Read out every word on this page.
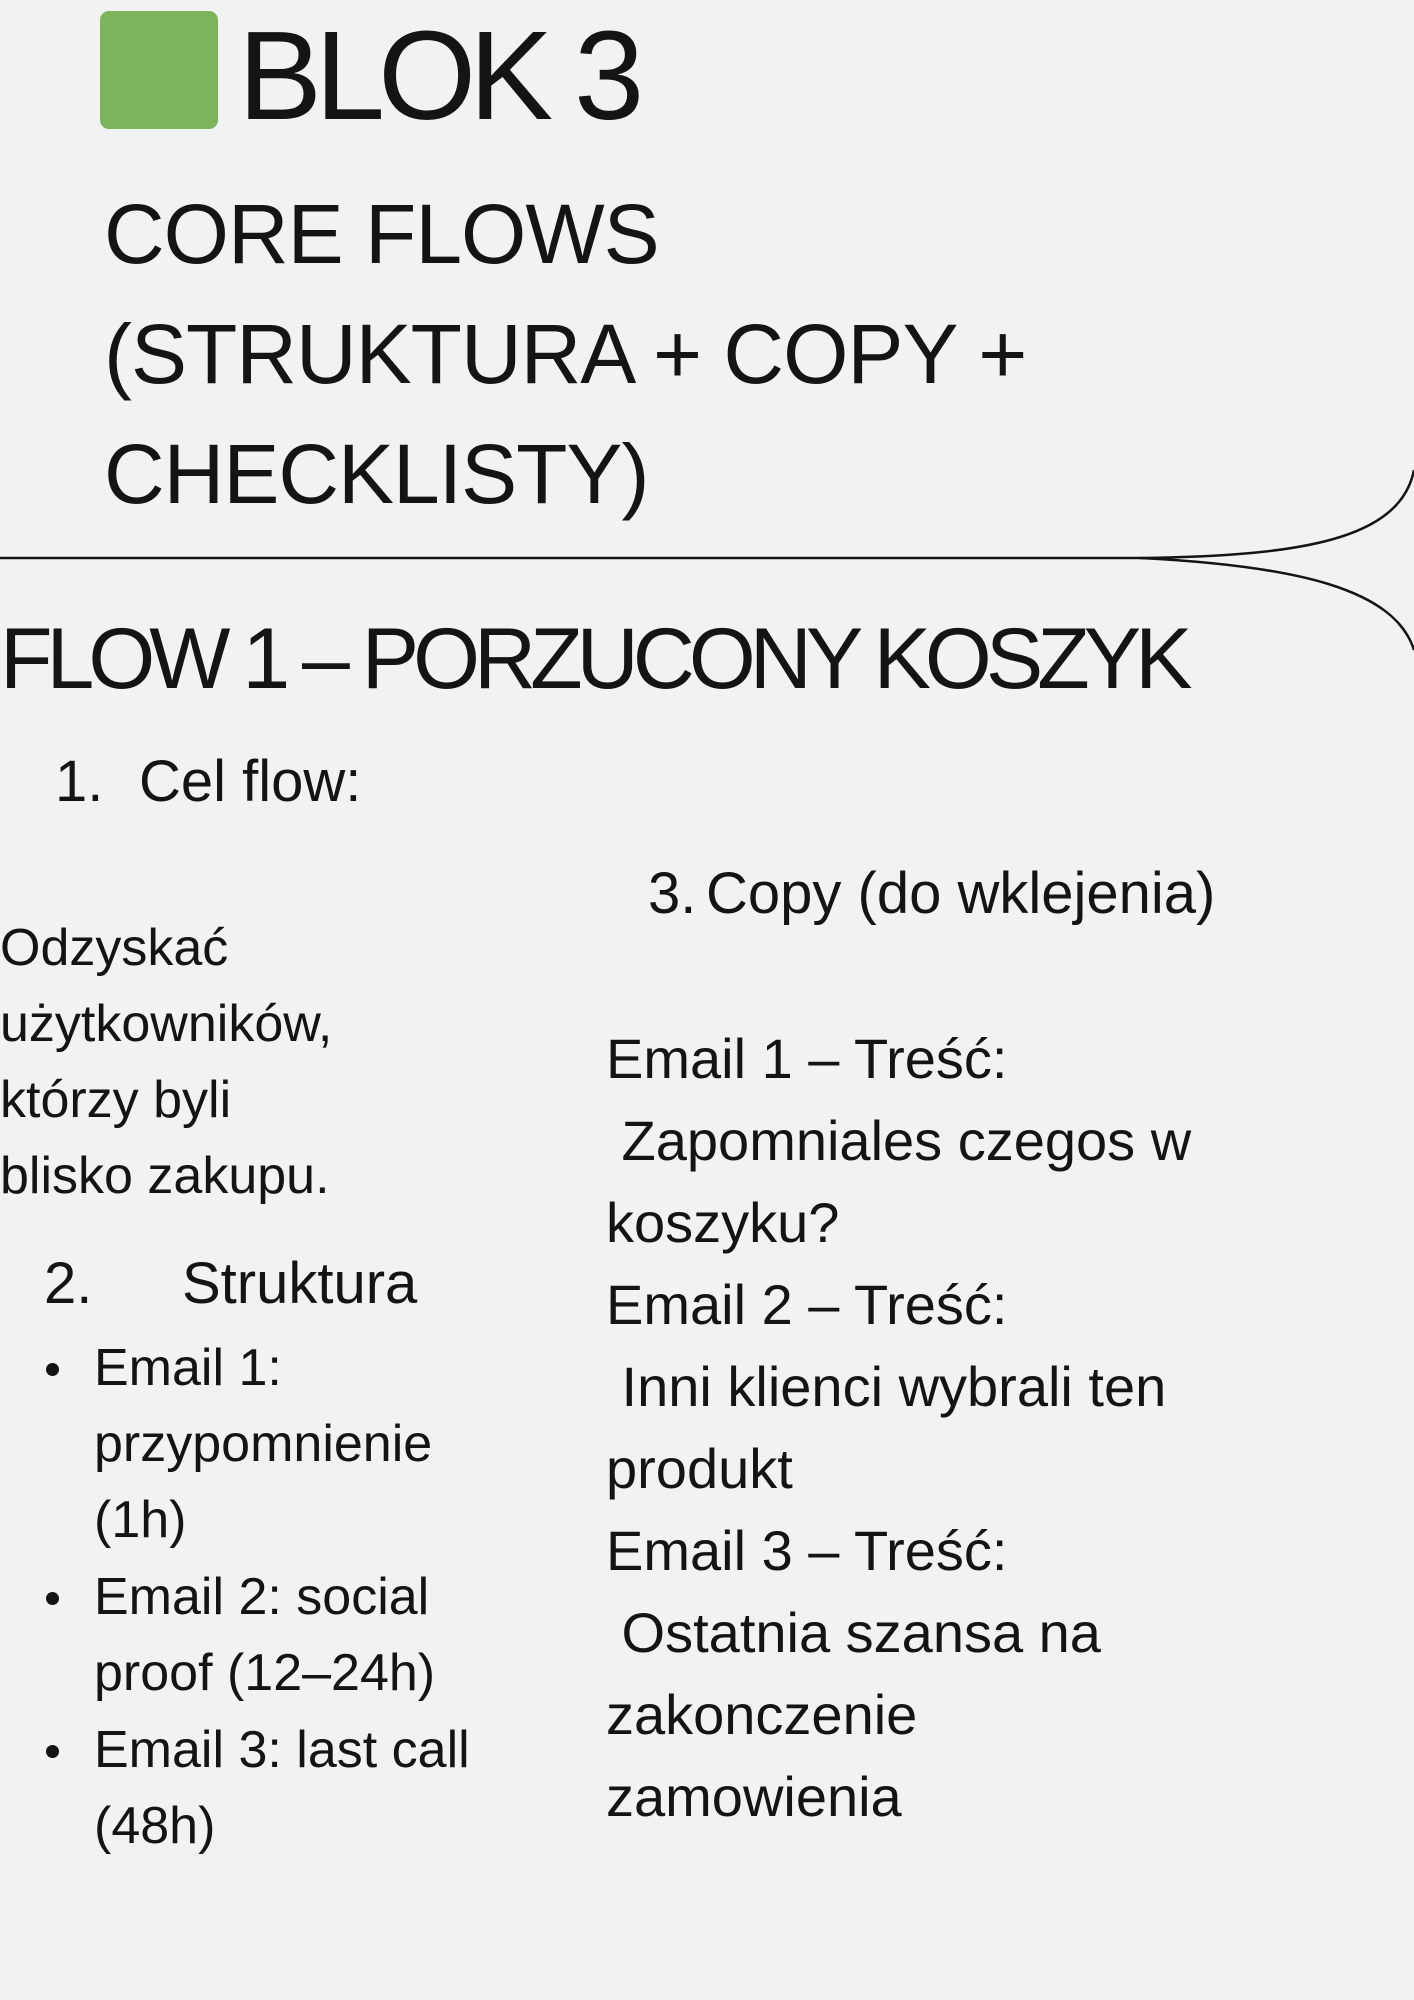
BLOK 3
CORE FLOWS
(STRUKTURA + COPY +
CHECKLISTY)
FLOW 1 – PORZUCONY KOSZYK
1. Cel flow:
Odzyskać
użytkowników,
którzy byli
blisko zakupu.
2. Struktura
Email 1:
przypomnienie
(1h)
Email 2: social
proof (12–24h)
Email 3: last call
(48h)
3. Copy (do wklejenia)
Email 1 – Treść:
Zapomniales czegos w
koszyku?
Email 2 – Treść:
Inni klienci wybrali ten
produkt
Email 3 – Treść:
Ostatnia szansa na
zakonczenie
zamowienia
